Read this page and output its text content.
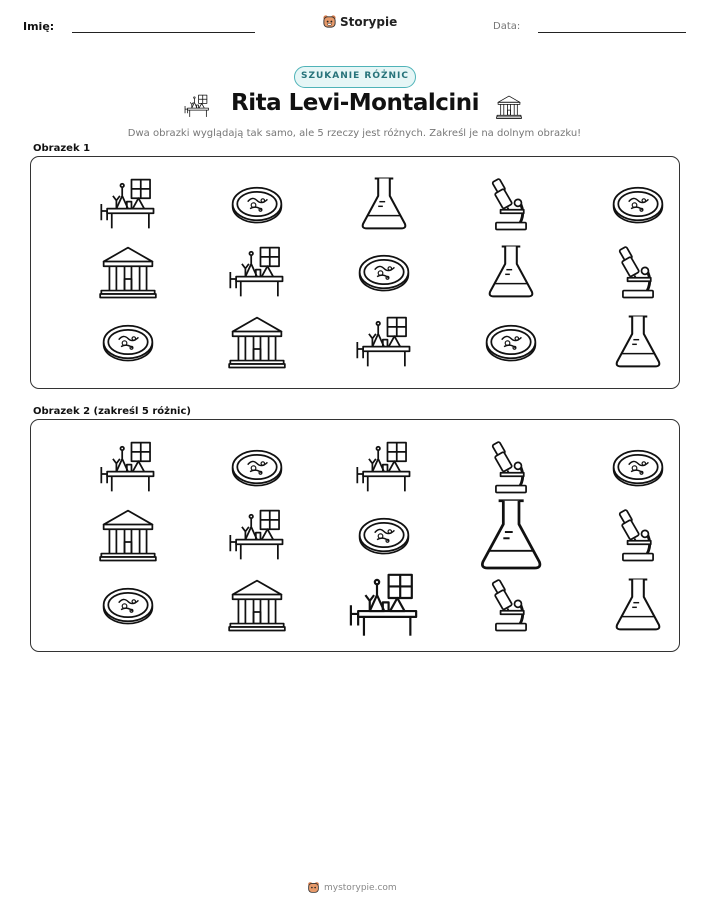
Imię:	Storypie	Data:
SZUKANIE RÓŻNIC
Rita Levi-Montalcini
Dwa obrazki wyglądają tak samo, ale 5 rzeczy jest różnych. Zakreśl je na dolnym obrazku!
Obrazek 1
Obrazek 2 (zakreśl 5 różnic)
mystorypie.com
